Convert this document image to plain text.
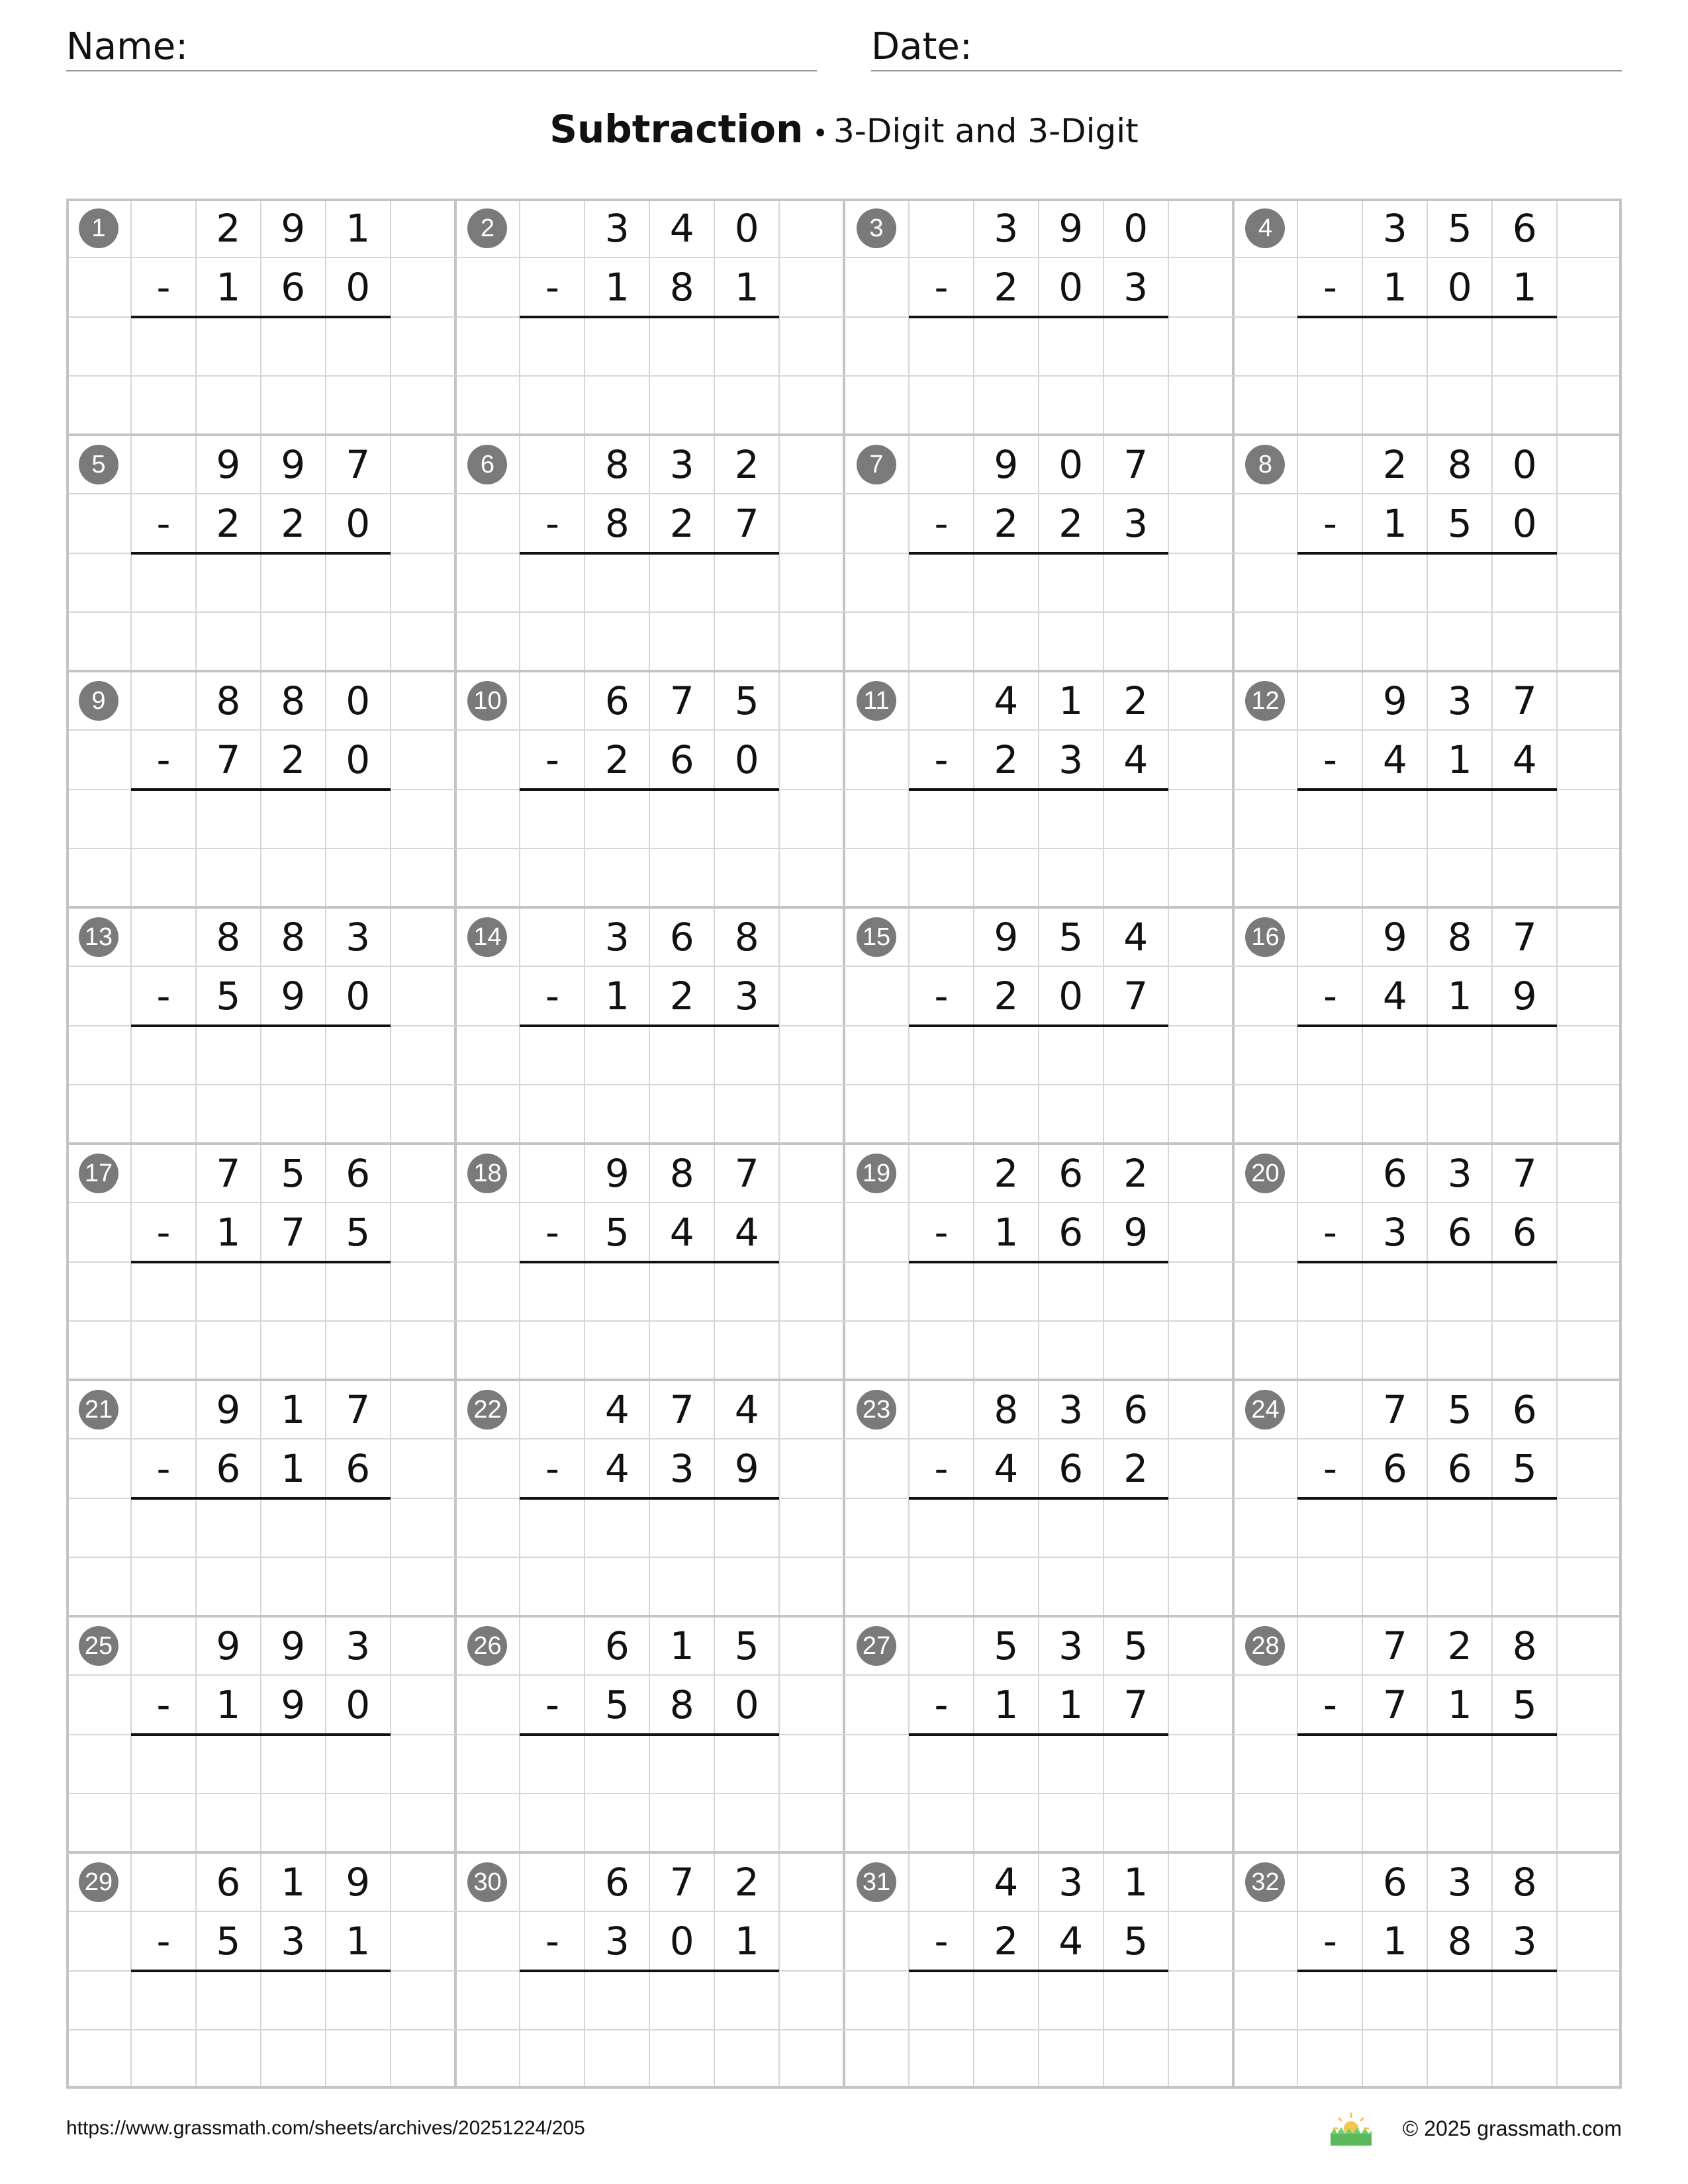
Name:	Date:
Subtraction • 3-Digit and 3-Digit
1	2	9	1
-	1	6	0
2	3	4	0
-	1	8	1
3	3	9	0
-	2	0	3
4	3	5	6
-	1	0	1
5	9	9	7
-	2	2	0
6	8	3	2
-	8	2	7
7	9	0	7
-	2	2	3
8	2	8	0
-	1	5	0
9	8	8	0
-	7	2	0
10	6	7	5
-	2	6	0
11	4	1	2
-	2	3	4
12	9	3	7
-	4	1	4
13	8	8	3
-	5	9	0
14	3	6	8
-	1	2	3
15	9	5	4
-	2	0	7
16	9	8	7
-	4	1	9
17	7	5	6
-	1	7	5
18	9	8	7
-	5	4	4
19	2	6	2
-	1	6	9
20	6	3	7
-	3	6	6
21	9	1	7
-	6	1	6
22	4	7	4
-	4	3	9
23	8	3	6
-	4	6	2
24	7	5	6
-	6	6	5
25	9	9	3
-	1	9	0
26	6	1	5
-	5	8	0
27	5	3	5
-	1	1	7
28	7	2	8
-	7	1	5
29	6	1	9
-	5	3	1
30	6	7	2
-	3	0	1
31	4	3	1
-	2	4	5
32	6	3	8
-	1	8	3
https://www.grassmath.com/sheets/archives/20251224/205	© 2025 grassmath.com
